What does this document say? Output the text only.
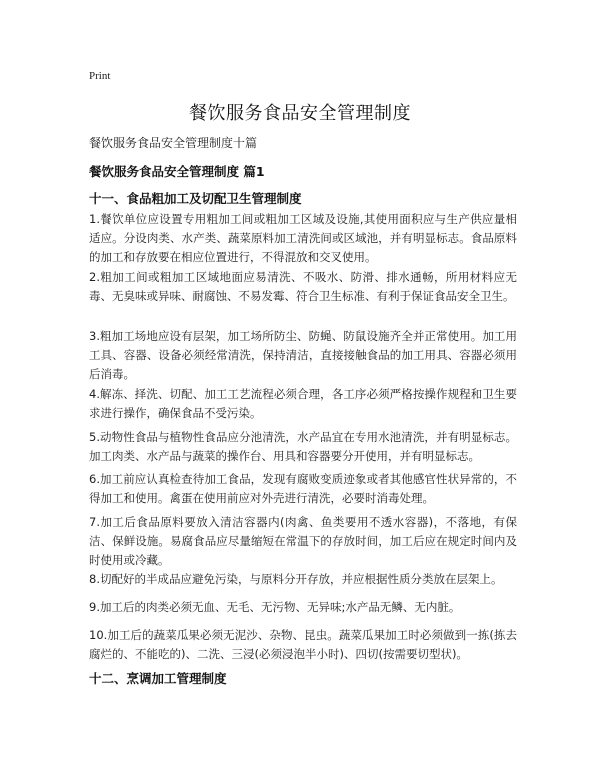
Print
餐饮服务食品安全管理制度
餐饮服务食品安全管理制度十篇
餐饮服务食品安全管理制度 篇1
十一、食品粗加工及切配卫生管理制度
1.餐饮单位应设置专用粗加工间或粗加工区域及设施,其使用面积应与生产供应量相适应。分设肉类、水产类、蔬菜原料加工清洗间或区域池，并有明显标志。食品原料的加工和存放要在相应位置进行，不得混放和交叉使用。
2.粗加工间或粗加工区域地面应易清洗、不吸水、防滑、排水通畅，所用材料应无毒、无臭味或异味、耐腐蚀、不易发霉、符合卫生标准、有利于保证食品安全卫生。
3.粗加工场地应设有层架，加工场所防尘、防蝇、防鼠设施齐全并正常使用。加工用工具、容器、设备必须经常清洗，保持清洁，直接接触食品的加工用具、容器必须用后消毒。
4.解冻、择洗、切配、加工工艺流程必须合理，各工序必须严格按操作规程和卫生要求进行操作，确保食品不受污染。
5.动物性食品与植物性食品应分池清洗，水产品宜在专用水池清洗，并有明显标志。加工肉类、水产品与蔬菜的操作台、用具和容器要分开使用，并有明显标志。
6.加工前应认真检查待加工食品，发现有腐败变质迹象或者其他感官性状异常的，不得加工和使用。禽蛋在使用前应对外壳进行清洗，必要时消毒处理。
7.加工后食品原料要放入清洁容器内(肉禽、鱼类要用不透水容器)，不落地，有保洁、保鲜设施。易腐食品应尽量缩短在常温下的存放时间，加工后应在规定时间内及时使用或冷藏。
8.切配好的半成品应避免污染，与原料分开存放，并应根据性质分类放在层架上。
9.加工后的肉类必须无血、无毛、无污物、无异味;水产品无鳞、无内脏。
10.加工后的蔬菜瓜果必须无泥沙、杂物、昆虫。蔬菜瓜果加工时必须做到一拣(拣去腐烂的、不能吃的)、二洗、三浸(必须浸泡半小时)、四切(按需要切型状)。
十二、烹调加工管理制度
